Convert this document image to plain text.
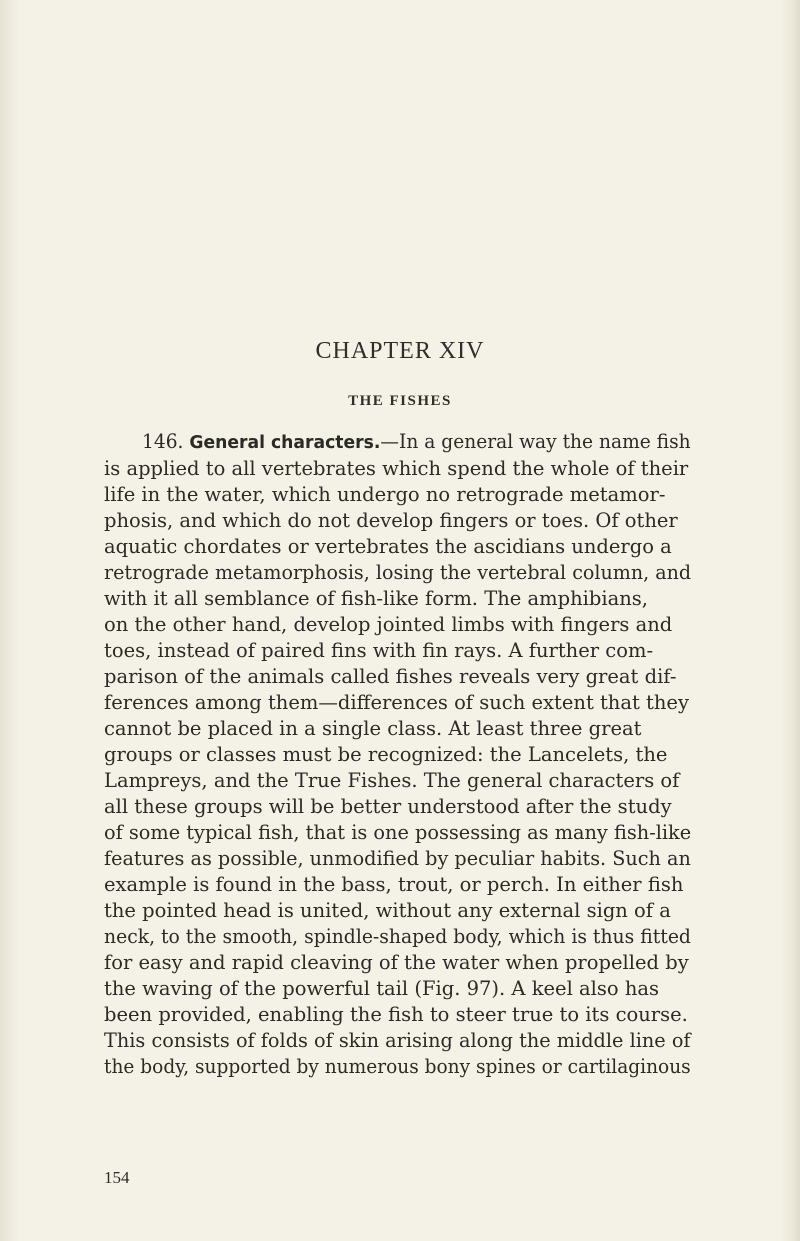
CHAPTER XIV
THE FISHES
146. General characters.—In a general way the name fish
is applied to all vertebrates which spend the whole of their
life in the water, which undergo no retrograde metamor-
phosis, and which do not develop fingers or toes. Of other
aquatic chordates or vertebrates the ascidians undergo a
retrograde metamorphosis, losing the vertebral column, and
with it all semblance of fish-like form. The amphibians,
on the other hand, develop jointed limbs with fingers and
toes, instead of paired fins with fin rays. A further com-
parison of the animals called fishes reveals very great dif-
ferences among them—differences of such extent that they
cannot be placed in a single class. At least three great
groups or classes must be recognized: the Lancelets, the
Lampreys, and the True Fishes. The general characters of
all these groups will be better understood after the study
of some typical fish, that is one possessing as many fish-like
features as possible, unmodified by peculiar habits. Such an
example is found in the bass, trout, or perch. In either fish
the pointed head is united, without any external sign of a
neck, to the smooth, spindle-shaped body, which is thus fitted
for easy and rapid cleaving of the water when propelled by
the waving of the powerful tail (Fig. 97). A keel also has
been provided, enabling the fish to steer true to its course.
This consists of folds of skin arising along the middle line of
the body, supported by numerous bony spines or cartilaginous
154
